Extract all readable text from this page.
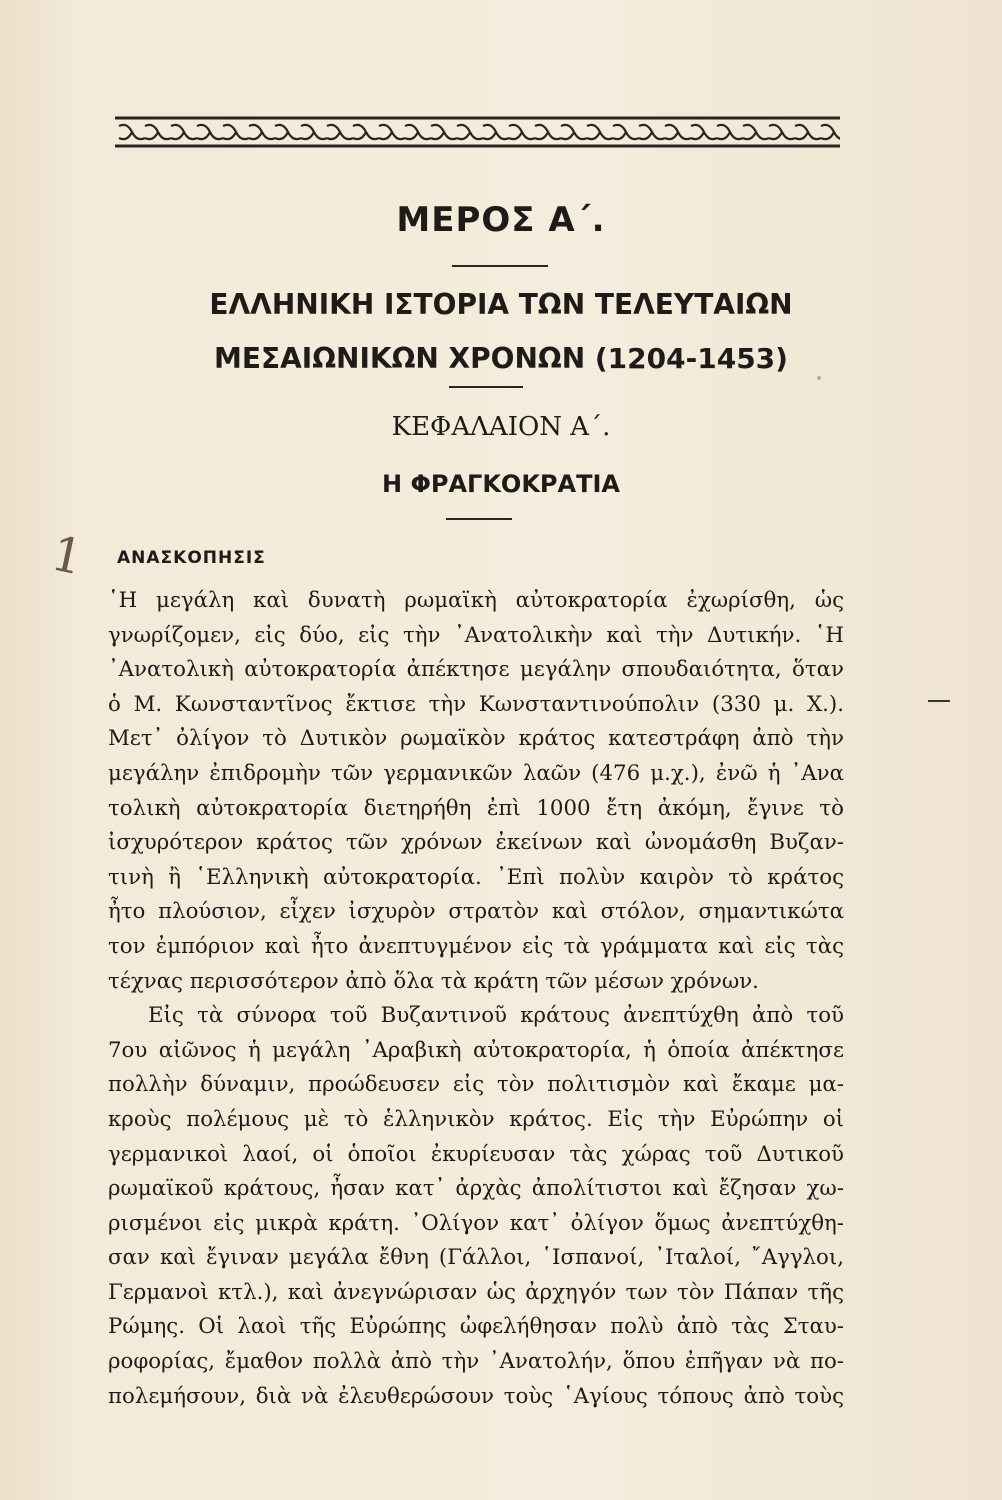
ΜΕΡΟΣ Α΄.
ΕΛΛΗΝΙΚΗ ΙΣΤΟΡΙΑ ΤΩΝ ΤΕΛΕΥΤΑΙΩΝ
ΜΕΣΑΙΩΝΙΚΩΝ ΧΡΟΝΩΝ (1204-1453)
ΚΕΦΑΛΑΙΟΝ Α΄.
Η ΦΡΑΓΚΟΚΡΑΤΙΑ
1 ΑΝΑΣΚΟΠΗΣΙΣ
῾Η μεγάλη καὶ δυνατὴ ρωμαϊκὴ αὐτοκρατορία ἐχωρίσθη, ὡς
γνωρίζομεν, εἰς δύο, εἰς τὴν ᾿Ανατολικὴν καὶ τὴν Δυτικήν. ῾Η
᾿Ανατολικὴ αὐτοκρατορία ἀπέκτησε μεγάλην σπουδαιότητα, ὅταν
ὁ Μ. Κωνσταντῖνος ἔκτισε τὴν Κωνσταντινούπολιν (330 μ. Χ.).
Μετ᾿ ὀλίγον τὸ Δυτικὸν ρωμαϊκὸν κράτος κατεστράφη ἀπὸ τὴν
μεγάλην ἐπιδρομὴν τῶν γερμανικῶν λαῶν (476 μ.χ.), ἐνῶ ἡ ᾿Ανα
τολικὴ αὐτοκρατορία διετηρήθη ἐπὶ 1000 ἔτη ἀκόμη, ἔγινε τὸ
ἰσχυρότερον κράτος τῶν χρόνων ἐκείνων καὶ ὠνομάσθη Βυζαν-
τινὴ ἢ ῾Ελληνικὴ αὐτοκρατορία. ᾿Επὶ πολὺν καιρὸν τὸ κράτος
ἦτο πλούσιον, εἶχεν ἰσχυρὸν στρατὸν καὶ στόλον, σημαντικώτα
τον ἐμπόριον καὶ ἦτο ἀνεπτυγμένον εἰς τὰ γράμματα καὶ εἰς τὰς
τέχνας περισσότερον ἀπὸ ὅλα τὰ κράτη τῶν μέσων χρόνων.
Εἰς τὰ σύνορα τοῦ Βυζαντινοῦ κράτους ἀνεπτύχθη ἀπὸ τοῦ
7ου αἰῶνος ἡ μεγάλη ᾿Αραβικὴ αὐτοκρατορία, ἡ ὁποία ἀπέκτησε
πολλὴν δύναμιν, προώδευσεν εἰς τὸν πολιτισμὸν καὶ ἔκαμε μα-
κροὺς πολέμους μὲ τὸ ἑλληνικὸν κράτος. Εἰς τὴν Εὐρώπην οἱ
γερμανικοὶ λαοί, οἱ ὁποῖοι ἐκυρίευσαν τὰς χώρας τοῦ Δυτικοῦ
ρωμαϊκοῦ κράτους, ἦσαν κατ᾿ ἀρχὰς ἀπολίτιστοι καὶ ἔζησαν χω-
ρισμένοι εἰς μικρὰ κράτη. ᾿Ολίγον κατ᾿ ὀλίγον ὅμως ἀνεπτύχθη-
σαν καὶ ἔγιναν μεγάλα ἔθνη (Γάλλοι, ῾Ισπανοί, ᾿Ιταλοί, ῎Αγγλοι,
Γερμανοὶ κτλ.), καὶ ἀνεγνώρισαν ὡς ἀρχηγόν των τὸν Πάπαν τῆς
Ρώμης. Οἱ λαοὶ τῆς Εὐρώπης ὠφελήθησαν πολὺ ἀπὸ τὰς Σταυ-
ροφορίας, ἔμαθον πολλὰ ἀπὸ τὴν ᾿Ανατολήν, ὅπου ἐπῆγαν νὰ πο-
πολεμήσουν, διὰ νὰ ἐλευθερώσουν τοὺς ῾Αγίους τόπους ἀπὸ τοὺς
